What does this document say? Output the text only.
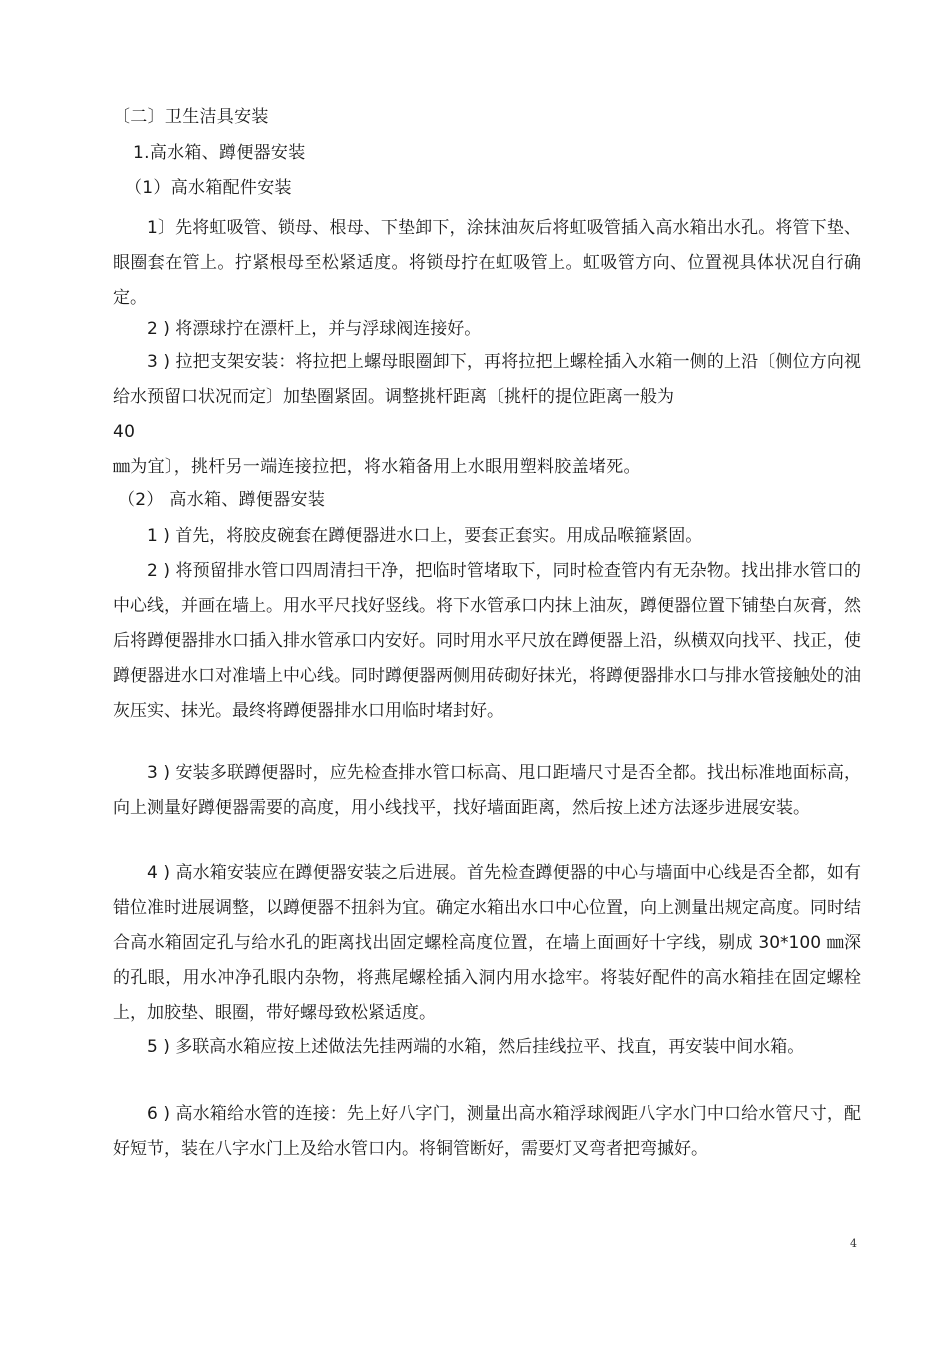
〔二〕卫生洁具安装
1.高水箱、蹲便器安装
（1）高水箱配件安装
1〕先将虹吸管、锁母、根母、下垫卸下，涂抹油灰后将虹吸管插入高水箱出水孔。将管下垫、眼圈套在管上。拧紧根母至松紧适度。将锁母拧在虹吸管上。虹吸管方向、位置视具体状况自行确定。
2 ) 将漂球拧在漂杆上，并与浮球阀连接好。
3 ) 拉把支架安装：将拉把上螺母眼圈卸下，再将拉把上螺栓插入水箱一侧的上沿〔侧位方向视给水预留口状况而定〕加垫圈紧固。调整挑杆距离〔挑杆的提位距离一般为
40
㎜为宜〕，挑杆另一端连接拉把，将水箱备用上水眼用塑料胶盖堵死。
（2） 高水箱、蹲便器安装
1 ) 首先，将胶皮碗套在蹲便器进水口上，要套正套实。用成品喉箍紧固。
2 ) 将预留排水管口四周清扫干净，把临时管堵取下，同时检查管内有无杂物。找出排水管口的中心线，并画在墙上。用水平尺找好竖线。将下水管承口内抹上油灰，蹲便器位置下铺垫白灰膏，然后将蹲便器排水口插入排水管承口内安好。同时用水平尺放在蹲便器上沿，纵横双向找平、找正，使蹲便器进水口对准墙上中心线。同时蹲便器两侧用砖砌好抹光，将蹲便器排水口与排水管接触处的油灰压实、抹光。最终将蹲便器排水口用临时堵封好。
3 ) 安装多联蹲便器时，应先检查排水管口标高、甩口距墙尺寸是否全都。找出标准地面标高，向上测量好蹲便器需要的高度，用小线找平，找好墙面距离，然后按上述方法逐步进展安装。
4 ) 高水箱安装应在蹲便器安装之后进展。首先检查蹲便器的中心与墙面中心线是否全都，如有错位准时进展调整，以蹲便器不扭斜为宜。确定水箱出水口中心位置，向上测量出规定高度。同时结合高水箱固定孔与给水孔的距离找出固定螺栓高度位置，在墙上面画好十字线，剔成 30*100 ㎜深的孔眼，用水冲净孔眼内杂物，将燕尾螺栓插入洞内用水捻牢。将装好配件的高水箱挂在固定螺栓上，加胶垫、眼圈，带好螺母致松紧适度。
5 ) 多联高水箱应按上述做法先挂两端的水箱，然后挂线拉平、找直，再安装中间水箱。
6 ) 高水箱给水管的连接：先上好八字门，测量出高水箱浮球阀距八字水门中口给水管尺寸，配好短节，装在八字水门上及给水管口内。将铜管断好，需要灯叉弯者把弯摵好。
4
